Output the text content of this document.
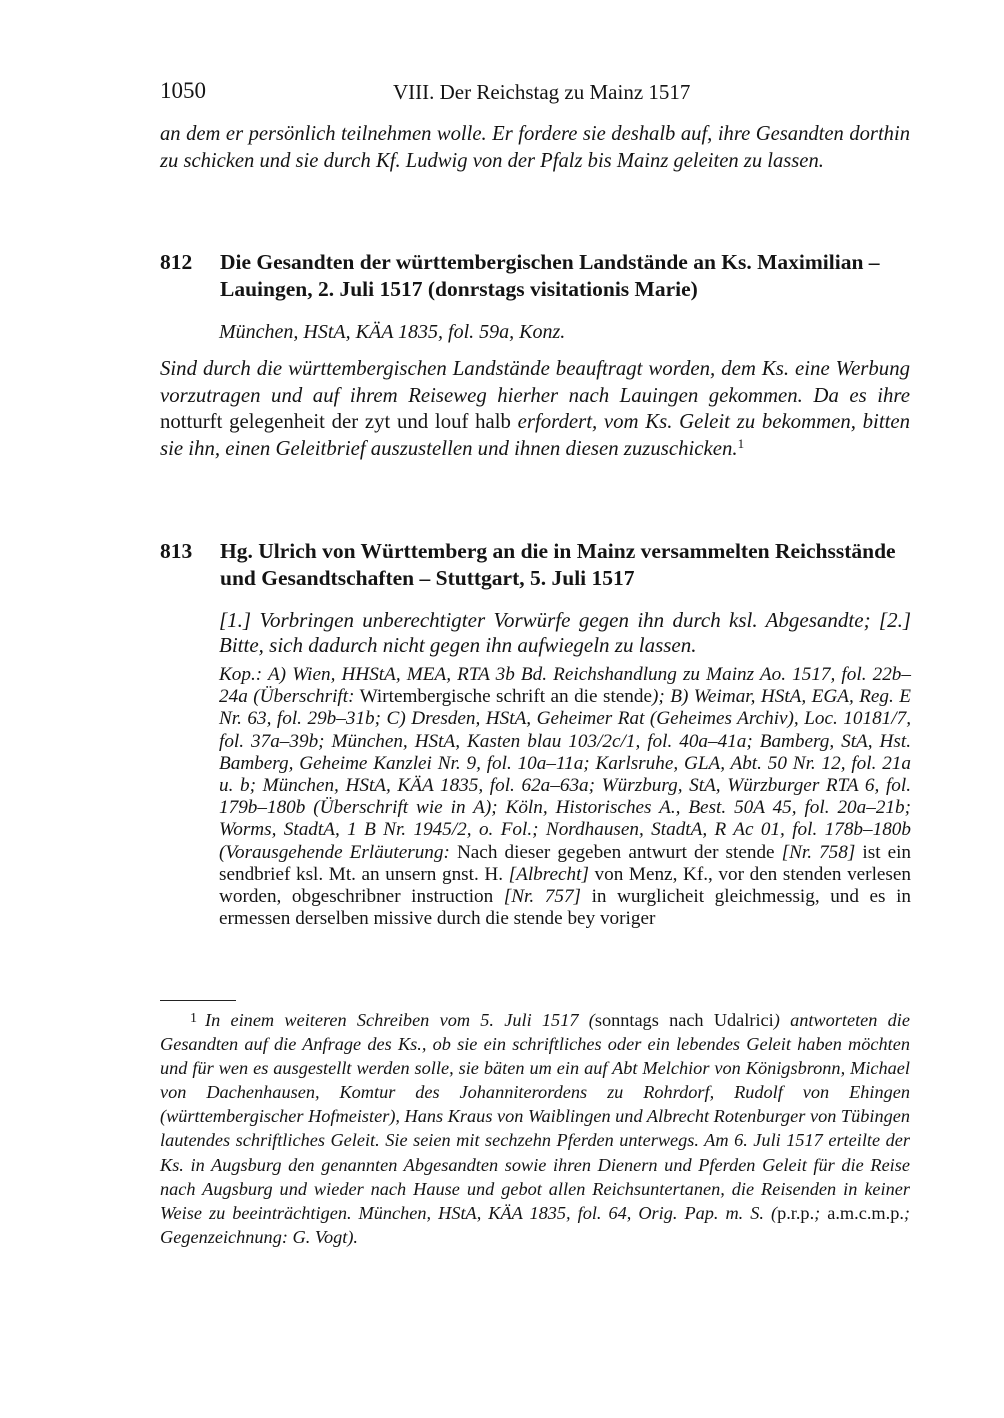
1050	VIII. Der Reichstag zu Mainz 1517

an dem er persönlich teilnehmen wolle. Er fordere sie deshalb auf, ihre Gesandten dorthin zu schicken und sie durch Kf. Ludwig von der Pfalz bis Mainz geleiten zu lassen.

812 Die Gesandten der württembergischen Landstände an Ks. Maximilian – Lauingen, 2. Juli 1517 (donrstags visitationis Marie)
München, HStA, KÄA 1835, fol. 59a, Konz.

Sind durch die württembergischen Landstände beauftragt worden, dem Ks. eine Werbung vorzutragen und auf ihrem Reiseweg hierher nach Lauingen gekommen. Da es ihre notturft gelegenheit der zyt und louf halb erfordert, vom Ks. Geleit zu bekommen, bitten sie ihn, einen Geleitbrief auszustellen und ihnen diesen zuzuschicken.$^1$

813 Hg. Ulrich von Württemberg an die in Mainz versammelten Reichsstände und Gesandtschaften – Stuttgart, 5. Juli 1517

[1.] Vorbringen unberechtigter Vorwürfe gegen ihn durch ksl. Abgesandte; [2.] Bitte, sich dadurch nicht gegen ihn aufwiegeln zu lassen.

Kop.: A) Wien, HHStA, MEA, RTA 3b Bd. Reichshandlung zu Mainz Ao. 1517, fol. 22b–24a (Überschrift: Wirtembergische schrift an die stende); B) Weimar, HStA, EGA, Reg. E Nr. 63, fol. 29b–31b; C) Dresden, HStA, Geheimer Rat (Geheimes Archiv), Loc. 10181/7, fol. 37a–39b; München, HStA, Kasten blau 103/2c/1, fol. 40a–41a; Bamberg, StA, Hst. Bamberg, Geheime Kanzlei Nr. 9, fol. 10a–11a; Karlsruhe, GLA, Abt. 50 Nr. 12, fol. 21a u. b; München, HStA, KÄA 1835, fol. 62a–63a; Würzburg, StA, Würzburger RTA 6, fol. 179b–180b (Überschrift wie in A); Köln, Historisches A., Best. 50A 45, fol. 20a–21b; Worms, StadtA, 1 B Nr. 1945/2, o. Fol.; Nordhausen, StadtA, R Ac 01, fol. 178b–180b (Vorausgehende Erläuterung: Nach dieser gegeben antwurt der stende [Nr. 758] ist ein sendbrief ksl. Mt. an unsern gnst. H. [Albrecht] von Menz, Kf., vor den stenden verlesen worden, obgeschribner instruction [Nr. 757] in wurglicheit gleichmessig, und es in ermessen derselben missive durch die stende bey voriger

$^1$ In einem weiteren Schreiben vom 5. Juli 1517 (sonntags nach Udalrici) antworteten die Gesandten auf die Anfrage des Ks., ob sie ein schriftliches oder ein lebendes Geleit haben möchten und für wen es ausgestellt werden solle, sie bäten um ein auf Abt Melchior von Königsbronn, Michael von Dachenhausen, Komtur des Johanniterordens zu Rohrdorf, Rudolf von Ehingen (württembergischer Hofmeister), Hans Kraus von Waiblingen und Albrecht Rotenburger von Tübingen lautendes schriftliches Geleit. Sie seien mit sechzehn Pferden unterwegs. Am 6. Juli 1517 erteilte der Ks. in Augsburg den genannten Abgesandten sowie ihren Dienern und Pferden Geleit für die Reise nach Augsburg und wieder nach Hause und gebot allen Reichsuntertanen, die Reisenden in keiner Weise zu beeinträchtigen. München, HStA, KÄA 1835, fol. 64, Orig. Pap. m. S. (p.r.p.; a.m.c.m.p.; Gegenzeichnung: G. Vogt).
